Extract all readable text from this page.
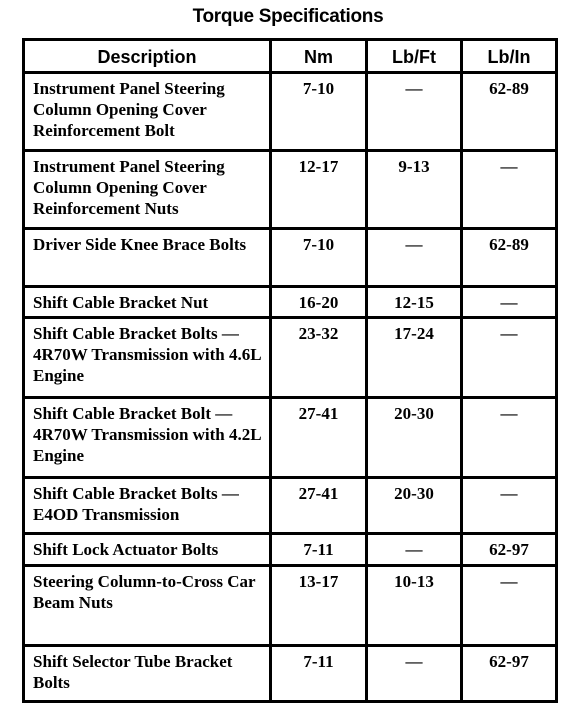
Torque Specifications
Description	Nm	Lb/Ft	Lb/In
Instrument Panel Steering Column Opening Cover Reinforcement Bolt	7-10	—	62-89
Instrument Panel Steering Column Opening Cover Reinforcement Nuts	12-17	9-13	—
Driver Side Knee Brace Bolts	7-10	—	62-89
Shift Cable Bracket Nut	16-20	12-15	—
Shift Cable Bracket Bolts —4R70W Transmission with 4.6L Engine	23-32	17-24	—
Shift Cable Bracket Bolt —4R70W Transmission with 4.2L Engine	27-41	20-30	—
Shift Cable Bracket Bolts —E4OD Transmission	27-41	20-30	—
Shift Lock Actuator Bolts	7-11	—	62-97
Steering Column-to-Cross Car Beam Nuts	13-17	10-13	—
Shift Selector Tube Bracket Bolts	7-11	—	62-97
